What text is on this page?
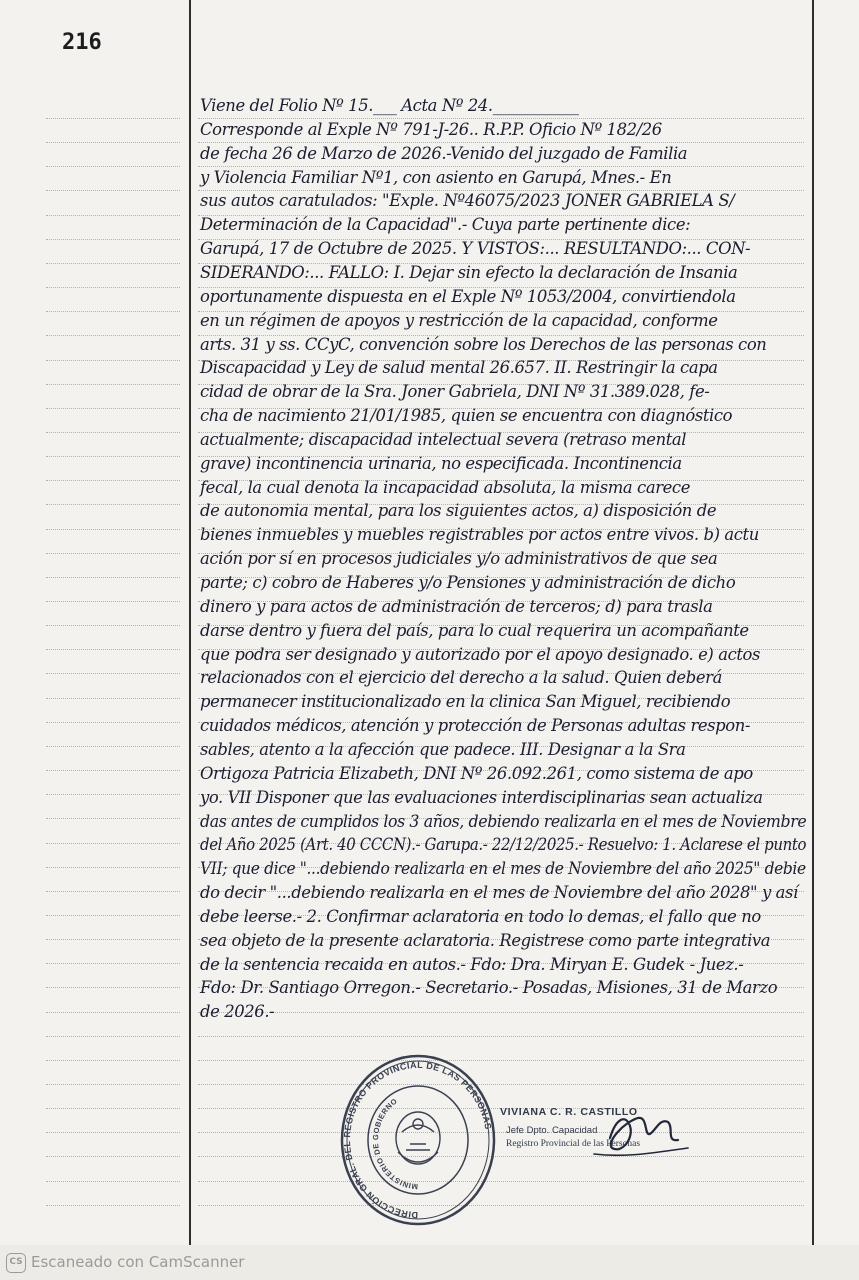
216
Viene del Folio Nº 15.___ Acta Nº 24.___________
Corresponde al Exple Nº 791-J-26.. R.P.P. Oficio Nº 182/26
de fecha 26 de Marzo de 2026.-Venido del juzgado de Familia
y Violencia Familiar Nº1, con asiento en Garupá, Mnes.- En
sus autos caratulados: "Exple. Nº46075/2023 JONER GABRIELA S/
Determinación de la Capacidad".- Cuya parte pertinente dice:
Garupá, 17 de Octubre de 2025. Y VISTOS:... RESULTANDO:... CON-
SIDERANDO:... FALLO: I. Dejar sin efecto la declaración de Insania
oportunamente dispuesta en el Exple Nº 1053/2004, convirtiendola
en un régimen de apoyos y restricción de la capacidad, conforme
arts. 31 y ss. CCyC, convención sobre los Derechos de las personas con
Discapacidad y Ley de salud mental 26.657. II. Restringir la capa
cidad de obrar de la Sra. Joner Gabriela, DNI Nº 31.389.028, fe-
cha de nacimiento 21/01/1985, quien se encuentra con diagnóstico
actualmente; discapacidad intelectual severa (retraso mental
grave) incontinencia urinaria, no especificada. Incontinencia
fecal, la cual denota la incapacidad absoluta, la misma carece
de autonomia mental, para los siguientes actos, a) disposición de
bienes inmuebles y muebles registrables por actos entre vivos. b) actu
ación por sí en procesos judiciales y/o administrativos de que sea
parte; c) cobro de Haberes y/o Pensiones y administración de dicho
dinero y para actos de administración de terceros; d) para trasla
darse dentro y fuera del país, para lo cual requerira un acompañante
que podra ser designado y autorizado por el apoyo designado. e) actos
relacionados con el ejercicio del derecho a la salud. Quien deberá
permanecer institucionalizado en la clinica San Miguel, recibiendo
cuidados médicos, atención y protección de Personas adultas respon-
sables, atento a la afección que padece. III. Designar a la Sra
Ortigoza Patricia Elizabeth, DNI Nº 26.092.261, como sistema de apo
yo. VII Disponer que las evaluaciones interdisciplinarias sean actualiza
das antes de cumplidos los 3 años, debiendo realizarla en el mes de Noviembre
del Año 2025 (Art. 40 CCCN).- Garupa.- 22/12/2025.- Resuelvo: 1. Aclarese el punto
VII; que dice "...debiendo realizarla en el mes de Noviembre del año 2025" debie
do decir "...debiendo realizarla en el mes de Noviembre del año 2028" y así
debe leerse.- 2. Confirmar aclaratoria en todo lo demas, el fallo que no
sea objeto de la presente aclaratoria. Registrese como parte integrativa
de la sentencia recaida en autos.- Fdo: Dra. Miryan E. Gudek - Juez.-
Fdo: Dr. Santiago Orregon.- Secretario.- Posadas, Misiones, 31 de Marzo
de 2026.-
DIRECCIÓN GRAL. DEL REGISTRO PROVINCIAL DE LAS PERSONAS
MINISTERIO DE GOBIERNO
VIVIANA C. R. CASTILLO
Jefe Dpto. Capacidad
Registro Provincial de las Personas
CS Escaneado con CamScanner
